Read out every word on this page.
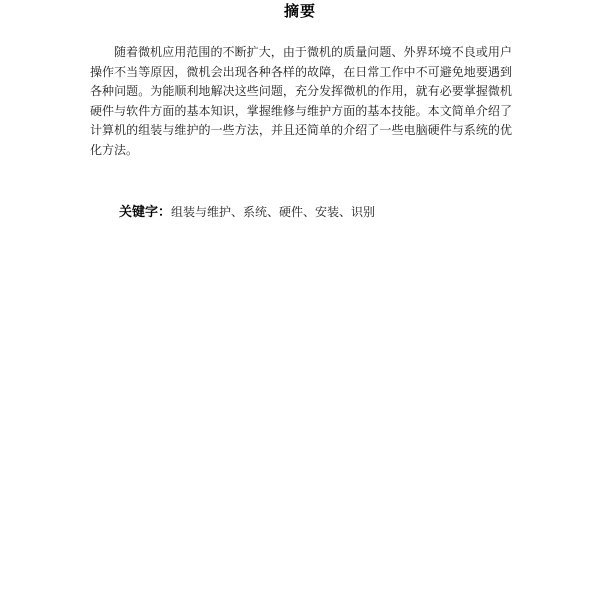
摘要

随着微机应用范围的不断扩大，由于微机的质量问题、外界环境不良或用户操作不当等原因，微机会出现各种各样的故障，在日常工作中不可避免地要遇到各种问题。为能顺利地解决这些问题，充分发挥微机的作用，就有必要掌握微机硬件与软件方面的基本知识，掌握维修与维护方面的基本技能。本文简单介绍了计算机的组装与维护的一些方法，并且还简单的介绍了一些电脑硬件与系统的优化方法。

关键字：组装与维护、系统、硬件、安装、识别
